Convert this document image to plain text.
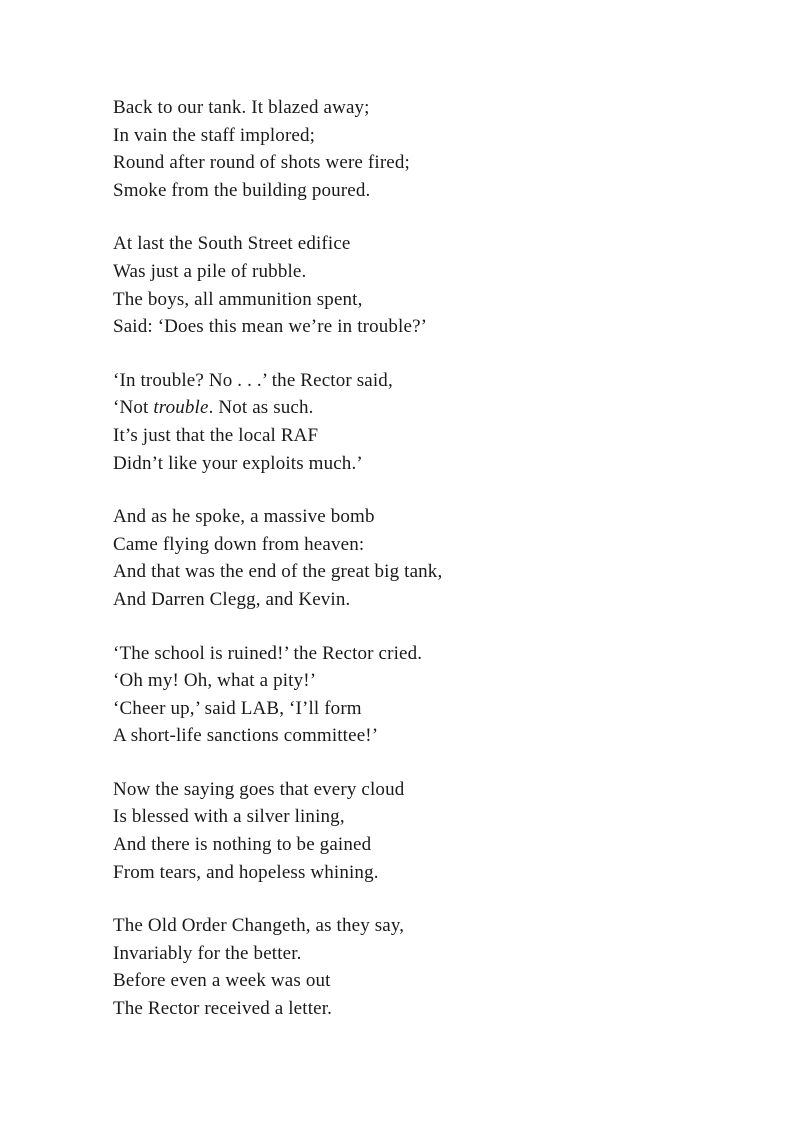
Back to our tank. It blazed away;
In vain the staff implored;
Round after round of shots were fired;
Smoke from the building poured.
At last the South Street edifice
Was just a pile of rubble.
The boys, all ammunition spent,
Said: ‘Does this mean we’re in trouble?’
‘In trouble? No . . .’ the Rector said,
‘Not trouble. Not as such.
It’s just that the local RAF
Didn’t like your exploits much.’
And as he spoke, a massive bomb
Came flying down from heaven:
And that was the end of the great big tank,
And Darren Clegg, and Kevin.
‘The school is ruined!’ the Rector cried.
‘Oh my! Oh, what a pity!’
‘Cheer up,’ said LAB, ‘I’ll form
A short-life sanctions committee!’
Now the saying goes that every cloud
Is blessed with a silver lining,
And there is nothing to be gained
From tears, and hopeless whining.
The Old Order Changeth, as they say,
Invariably for the better.
Before even a week was out
The Rector received a letter.
